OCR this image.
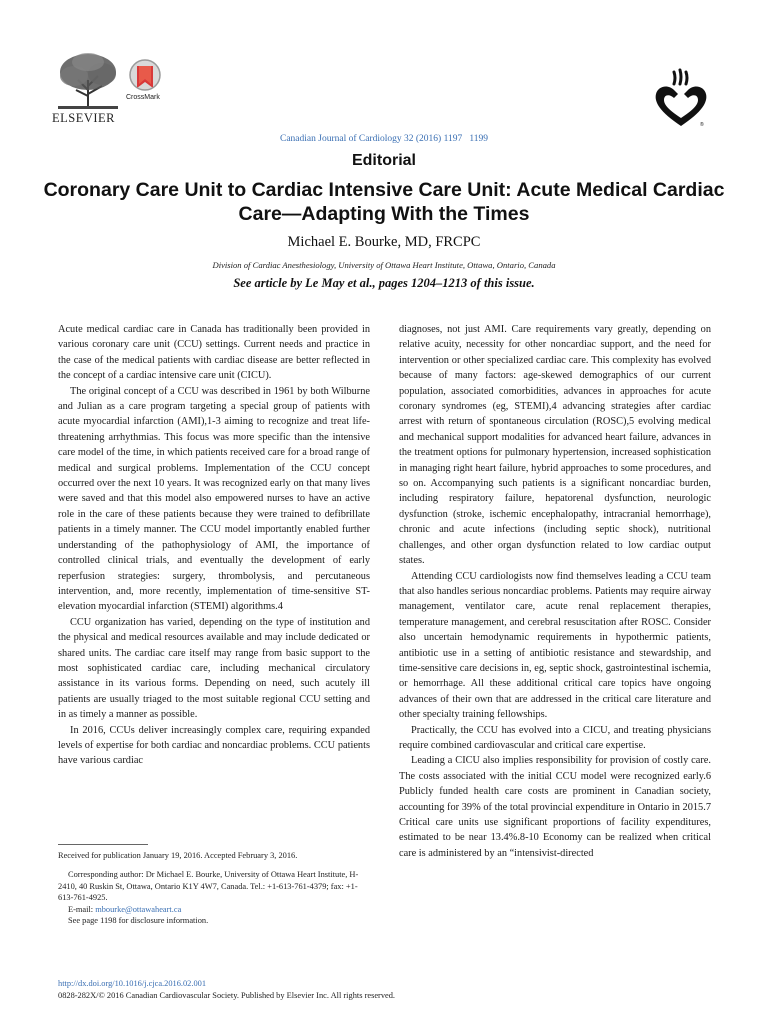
ELSEVIER
CrossMark
®
Canadian Journal of Cardiology 32 (2016) 1197   1199
Editorial
Coronary Care Unit to Cardiac Intensive Care Unit: Acute Medical Cardiac Care—Adapting With the Times
Michael E. Bourke, MD, FRCPC
Division of Cardiac Anesthesiology, University of Ottawa Heart Institute, Ottawa, Ontario, Canada
See article by Le May et al., pages 1204–1213 of this issue.

Acute medical cardiac care in Canada has traditionally been provided in various coronary care unit (CCU) settings. Current needs and practice in the case of the medical patients with cardiac disease are better reflected in the concept of a cardiac intensive care unit (CICU).

The original concept of a CCU was described in 1961 by both Wilburne and Julian as a care program targeting a special group of patients with acute myocardial infarction (AMI),1-3 aiming to recognize and treat life-threatening arrhythmias. This focus was more specific than the intensive care model of the time, in which patients received care for a broad range of medical and surgical problems. Implementation of the CCU concept occurred over the next 10 years. It was recognized early on that many lives were saved and that this model also empowered nurses to have an active role in the care of these patients because they were trained to defibrillate patients in a timely manner. The CCU model importantly enabled further understanding of the pathophysiology of AMI, the importance of controlled clinical trials, and eventually the development of early reperfusion strategies: surgery, thrombolysis, and percutaneous intervention, and, more recently, implementation of time-sensitive ST-elevation myocardial infarction (STEMI) algorithms.4

CCU organization has varied, depending on the type of institution and the physical and medical resources available and may include dedicated or shared units. The cardiac care itself may range from basic support to the most sophisticated cardiac care, including mechanical circulatory assistance in its various forms. Depending on need, such acutely ill patients are usually triaged to the most suitable regional CCU setting and in as timely a manner as possible.

In 2016, CCUs deliver increasingly complex care, requiring expanded levels of expertise for both cardiac and noncardiac problems. CCU patients have various cardiac

diagnoses, not just AMI. Care requirements vary greatly, depending on relative acuity, necessity for other noncardiac support, and the need for intervention or other specialized cardiac care. This complexity has evolved because of many factors: age-skewed demographics of our current population, associated comorbidities, advances in approaches for acute coronary syndromes (eg, STEMI),4 advancing strategies after cardiac arrest with return of spontaneous circulation (ROSC),5 evolving medical and mechanical support modalities for advanced heart failure, advances in the treatment options for pulmonary hypertension, increased sophistication in managing right heart failure, hybrid approaches to some procedures, and so on. Accompanying such patients is a significant noncardiac burden, including respiratory failure, hepatorenal dysfunction, neurologic dysfunction (stroke, ischemic encephalopathy, intracranial hemorrhage), chronic and acute infections (including septic shock), nutritional challenges, and other organ dysfunction related to low cardiac output states.

Attending CCU cardiologists now find themselves leading a CCU team that also handles serious noncardiac problems. Patients may require airway management, ventilator care, acute renal replacement therapies, temperature management, and cerebral resuscitation after ROSC. Consider also uncertain hemodynamic requirements in hypothermic patients, antibiotic use in a setting of antibiotic resistance and stewardship, and time-sensitive care decisions in, eg, septic shock, gastrointestinal ischemia, or hemorrhage. All these additional critical care topics have ongoing advances of their own that are addressed in the critical care literature and other specialty training fellowships.

Practically, the CCU has evolved into a CICU, and treating physicians require combined cardiovascular and critical care expertise.

Leading a CICU also implies responsibility for provision of costly care. The costs associated with the initial CCU model were recognized early.6 Publicly funded health care costs are prominent in Canadian society, accounting for 39% of the total provincial expenditure in Ontario in 2015.7 Critical care units use significant proportions of facility expenditures, estimated to be near 13.4%.8-10 Economy can be realized when critical care is administered by an “intensivist-directed

Received for publication January 19, 2016. Accepted February 3, 2016.
Corresponding author: Dr Michael E. Bourke, University of Ottawa Heart Institute, H-2410, 40 Ruskin St, Ottawa, Ontario K1Y 4W7, Canada. Tel.: +1-613-761-4379; fax: +1-613-761-4925.
E-mail: mbourke@ottawaheart.ca
See page 1198 for disclosure information.
http://dx.doi.org/10.1016/j.cjca.2016.02.001
0828-282X/© 2016 Canadian Cardiovascular Society. Published by Elsevier Inc. All rights reserved.
